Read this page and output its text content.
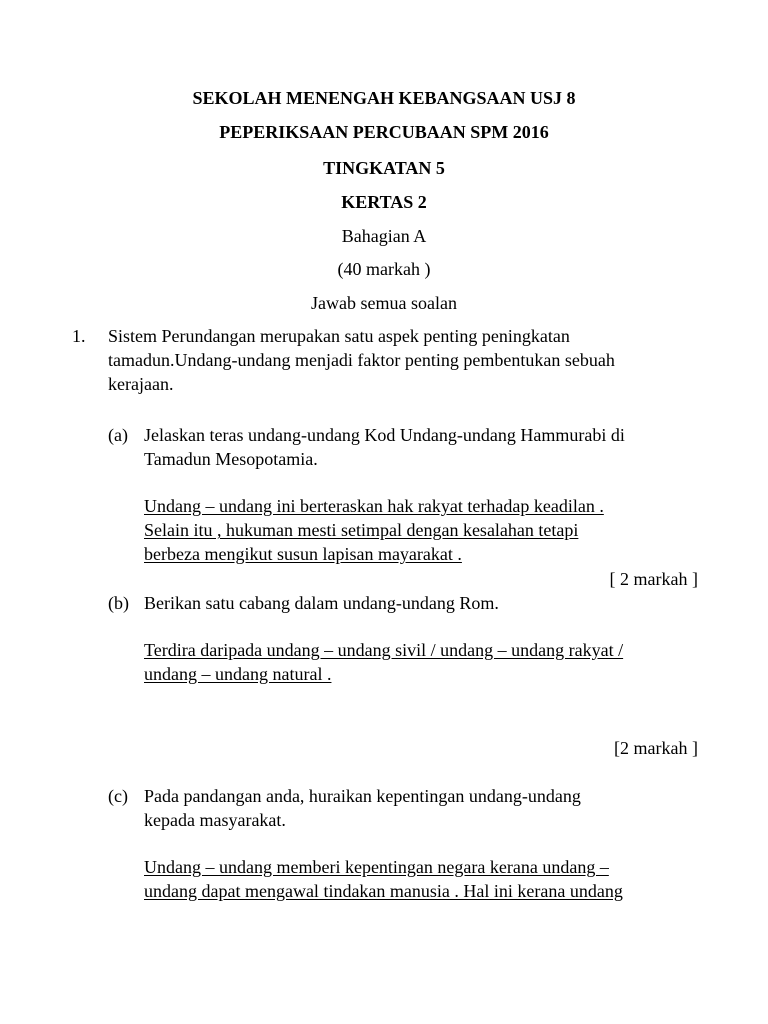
SEKOLAH MENENGAH KEBANGSAAN USJ 8
PEPERIKSAAN PERCUBAAN SPM 2016
TINGKATAN 5
KERTAS 2
Bahagian A
(40 markah )
Jawab semua soalan
1. Sistem Perundangan merupakan satu aspek penting peningkatan
tamadun.Undang-undang menjadi faktor penting pembentukan sebuah
kerajaan.
(a) Jelaskan teras undang-undang Kod Undang-undang Hammurabi di
Tamadun Mesopotamia.
Undang – undang ini berteraskan hak rakyat terhadap keadilan .
Selain itu , hukuman mesti setimpal dengan kesalahan tetapi
berbeza mengikut susun lapisan mayarakat .
[ 2 markah ]
(b) Berikan satu cabang dalam undang-undang Rom.
Terdira daripada undang – undang sivil / undang – undang rakyat /
undang – undang natural .
[2 markah ]
(c) Pada pandangan anda, huraikan kepentingan undang-undang
kepada masyarakat.
Undang – undang memberi kepentingan negara kerana undang –
undang dapat mengawal tindakan manusia . Hal ini kerana undang
